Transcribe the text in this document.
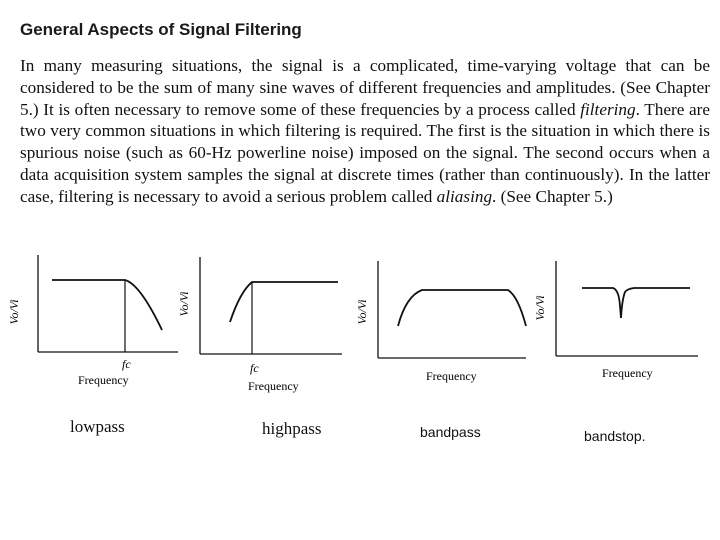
General Aspects of Signal Filtering
In many measuring situations, the signal is a complicated, time-varying voltage that can be considered to be the sum of many sine waves of different frequencies and amplitudes. (See Chapter 5.) It is often necessary to remove some of these frequencies by a process called filtering. There are two very common situations in which filtering is required. The first is the situation in which there is spurious noise (such as 60-Hz powerline noise) imposed on the signal. The second occurs when a data acquisition system samples the signal at discrete times (rather than continuously). In the latter case, filtering is necessary to avoid a serious problem called aliasing. (See Chapter 5.)
Vo/Vi
fc
Frequency
Vo/Vi
fc
Frequency
Vo/Vi
Frequency
Vo/Vi
Frequency
lowpass	highpass	bandpass	bandstop.
